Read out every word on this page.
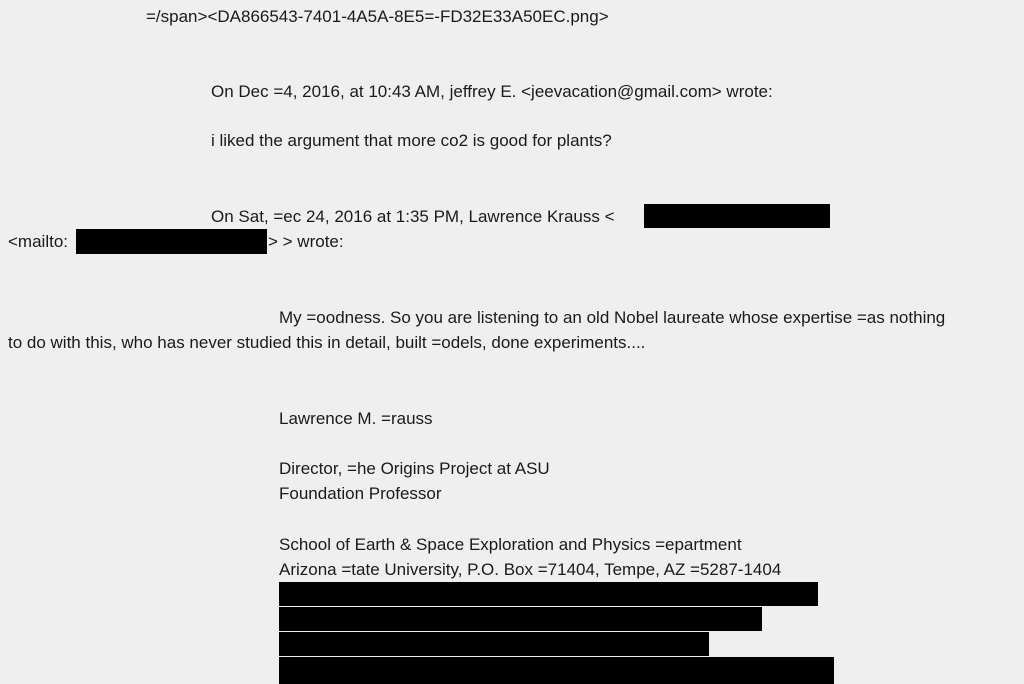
=/span><DA866543-7401-4A5A-8E5=-FD32E33A50EC.png>
On Dec =4, 2016, at 10:43 AM, jeffrey E. <jeevacation@gmail.com> wrote:
i liked the argument that more co2 is good for plants?
On Sat, =ec 24, 2016 at 1:35 PM, Lawrence Krauss <
<mailto:	> > wrote:
My =oodness. So you are listening to an old Nobel laureate whose expertise =as nothing
to do with this, who has never studied this in detail, built =odels, done experiments....
Lawrence M. =rauss
Director, =he Origins Project at ASU
Foundation Professor
School of Earth & Space Exploration and Physics =epartment
Arizona =tate University, P.O. Box =71404, Tempe, AZ =5287-1404
